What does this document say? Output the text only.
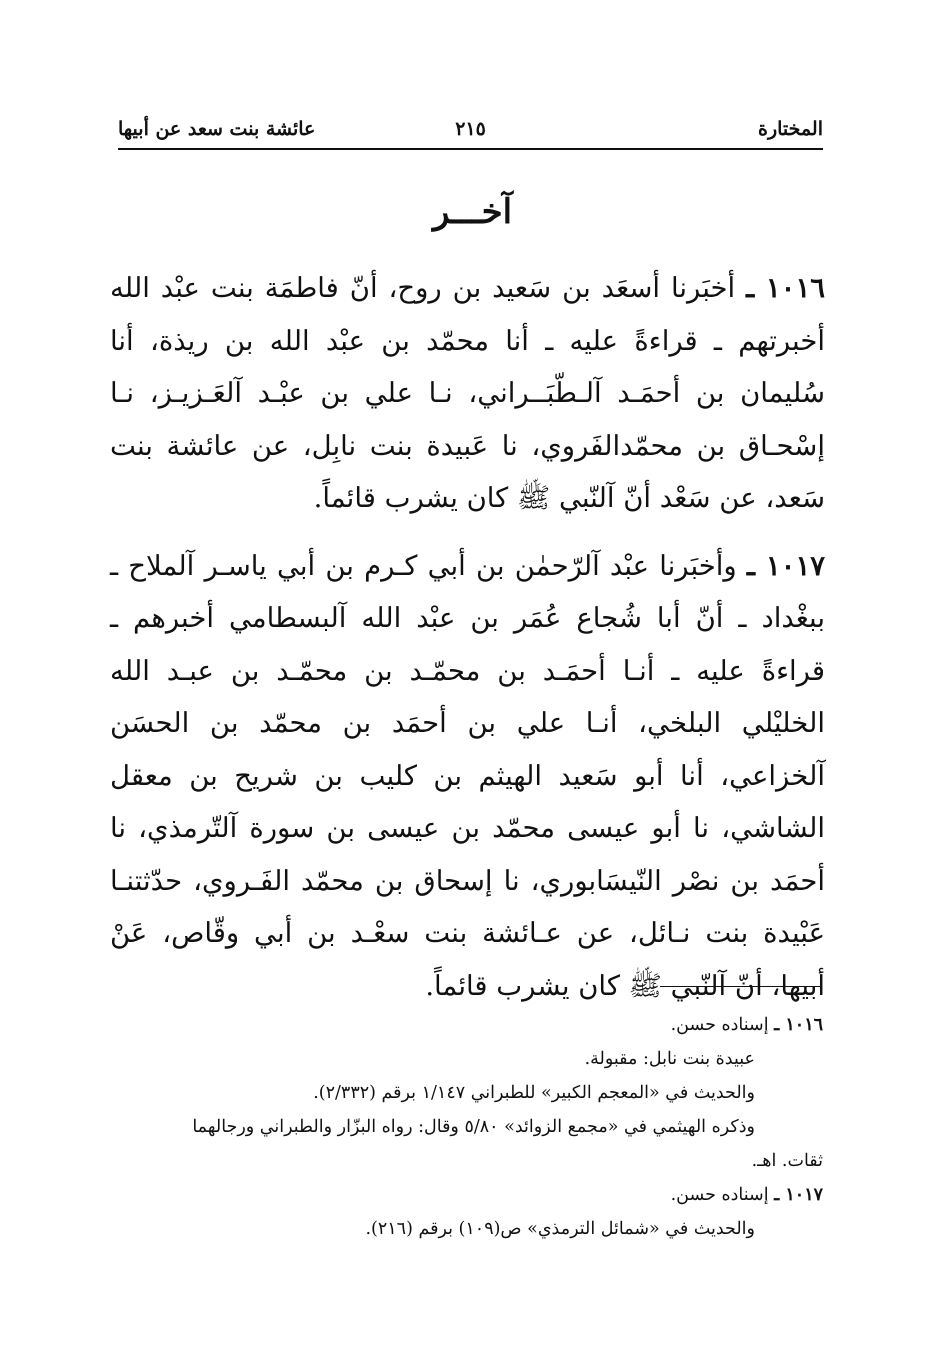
المختارة
٢١٥
عائشة بنت سعد عن أبيها
آخـــر

١٠١٦ ـ أخبَرنا أسعَد بن سَعيد بن روح، أنّ فاطمَة بنت عبْد الله أخبرتهم ـ قراءةً عليه ـ أنا محمّد بن عبْد الله بن ريذة، أنا سُليمان بن أحمَـد آلـطّبَــراني، نـا علي بن عبْـد آلعَـزيـز، نـا إسْحـاق بن محمّدالفَروي، نا عَبيدة بنت نابِل، عن عائشة بنت سَعد، عن سَعْد أنّ آلنّبي ﷺ كان يشرب قائماً.

١٠١٧ ـ وأخبَرنا عبْد آلرّحمٰن بن أبي كـرم بن أبي ياسـر آلملاح ـ ببغْداد ـ أنّ أبا شُجاع عُمَر بن عبْد الله آلبسطامي أخبرهم ـ قراءةً عليه ـ أنـا أحمَـد بن محمّـد بن محمّـد بن عبـد الله الخليْلي البلخي، أنـا علي بن أحمَد بن محمّد بن الحسَن آلخزاعي، أنا أبو سَعيد الهيثم بن كليب بن شريح بن معقل الشاشي، نا أبو عيسى محمّد بن عيسى بن سورة آلتّرمذي، نا أحمَد بن نصْر النّيسَابوري، نا إسحاق بن محمّد الفَـروي، حدّثتنـا عَبْيدة بنت نـائل، عن عـائشة بنت سعْـد بن أبي وقّاص، عَنْ أبيها، أنّ آلنّبي ﷺ كان يشرب قائماً.

١٠١٦ ـ إسناده حسن.

عبيدة بنت نابل: مقبولة.

والحديث في «المعجم الكبير» للطبراني ١/١٤٧ برقم (٢/٣٣٢).

وذكره الهيثمي في «مجمع الزوائد» ٥/٨٠ وقال: رواه البزّار والطبراني ورجالهما

ثقات. اهـ.

١٠١٧ ـ إسناده حسن.

والحديث في «شمائل الترمذي» ص(١٠٩) برقم (٢١٦).
